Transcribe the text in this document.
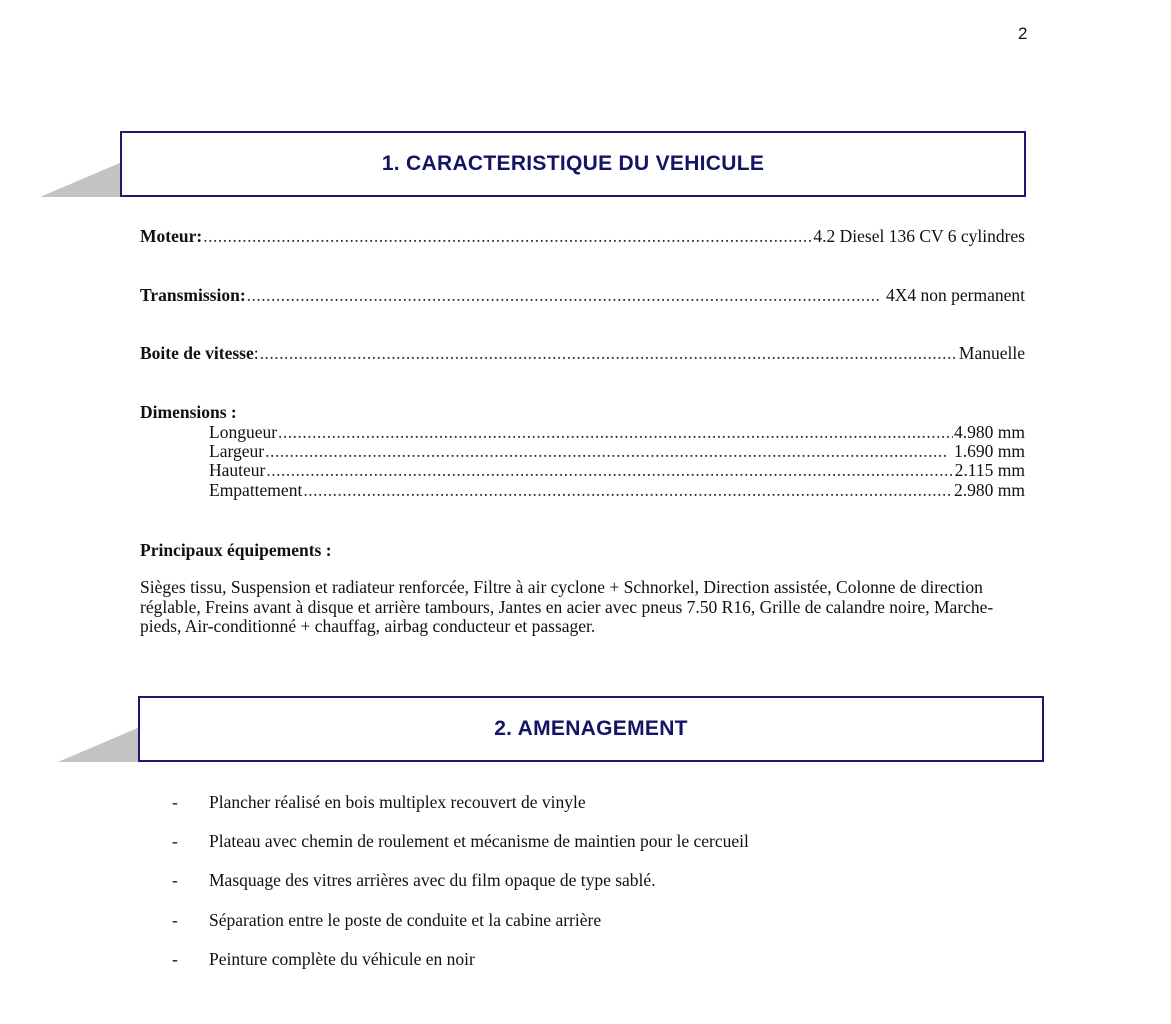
2
1. CARACTERISTIQUE DU VEHICULE
Moteur : .....	4.2 Diesel 136 CV 6 cylindres
Transmission : .....	4X4 non permanent
Boite de vitesse : .....	Manuelle
Dimensions :
Longueur .....	4.980 mm
Largeur .....	1.690 mm
Hauteur .....	2.115 mm
Empattement .....	2.980 mm
Principaux équipements :
Sièges tissu, Suspension et radiateur renforcée, Filtre à air cyclone + Schnorkel, Direction assistée, Colonne de direction réglable, Freins avant à disque et arrière tambours, Jantes en acier avec pneus 7.50 R16, Grille de calandre noire, Marche-pieds, Air-conditionné + chauffag, airbag conducteur et passager.
2. AMENAGEMENT
-	Plancher réalisé en bois multiplex recouvert de vinyle
-	Plateau avec chemin de roulement et mécanisme de maintien pour le cercueil
-	Masquage des vitres arrières avec du film opaque de type sablé.
-	Séparation entre le poste de conduite et la cabine arrière
-	Peinture complète du véhicule en noir
